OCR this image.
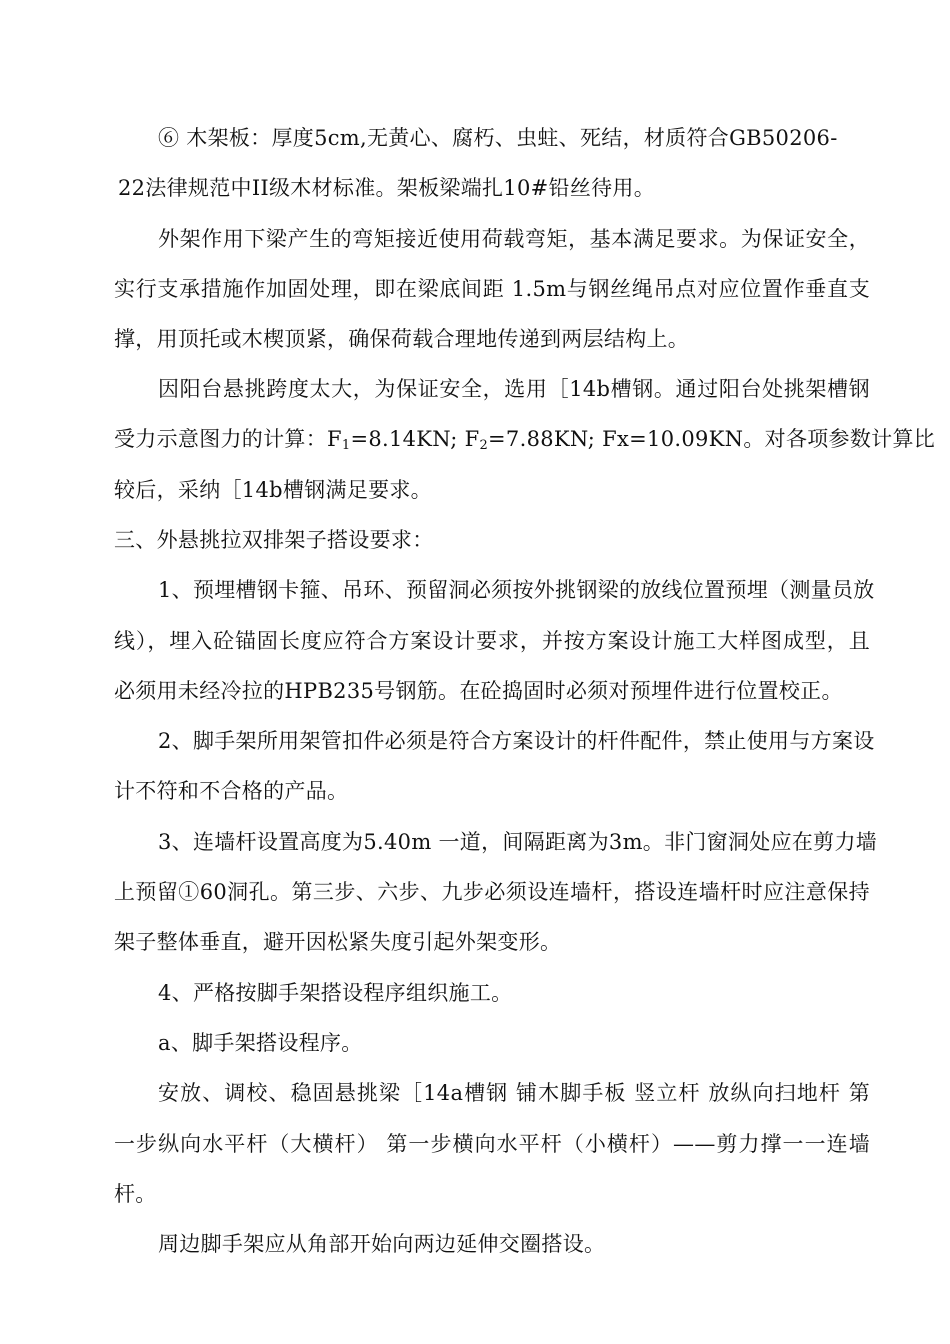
⑥ 木架板：厚度5cm,无黄心、腐朽、虫蛀、死结，材质符合GB50206-
22法律规范中II级木材标准。架板梁端扎10#铅丝待用。
外架作用下梁产生的弯矩接近使用荷载弯矩，基本满足要求。为保证安全，
实行支承措施作加固处理，即在梁底间距 1.5m与钢丝绳吊点对应位置作垂直支
撑，用顶托或木楔顶紧，确保荷载合理地传递到两层结构上。
因阳台悬挑跨度太大，为保证安全，选用［14b槽钢。通过阳台处挑架槽钢
受力示意图力的计算：$F_1=8.14KN$; $F_2=7.88KN$; Fx=10.09KN。对各项参数计算比
较后，采纳［14b槽钢满足要求。
三、外悬挑拉双排架子搭设要求：
1、预埋槽钢卡箍、吊环、预留洞必须按外挑钢梁的放线位置预埋（测量员放
线），埋入砼锚固长度应符合方案设计要求，并按方案设计施工大样图成型，且
必须用未经冷拉的HPB235号钢筋。在砼捣固时必须对预埋件进行位置校正。
2、脚手架所用架管扣件必须是符合方案设计的杆件配件，禁止使用与方案设
计不符和不合格的产品。
3、连墙杆设置高度为5.40m 一道，间隔距离为3m。非门窗洞处应在剪力墙
上预留①60洞孔。第三步、六步、九步必须设连墙杆，搭设连墙杆时应注意保持
架子整体垂直，避开因松紧失度引起外架变形。
4、严格按脚手架搭设程序组织施工。
a、脚手架搭设程序。
安放、调校、稳固悬挑梁［14a槽钢 铺木脚手板 竖立杆 放纵向扫地杆 第
一步纵向水平杆（大横杆） 第一步横向水平杆（小横杆）——剪力撑一一连墙
杆。
周边脚手架应从角部开始向两边延伸交圈搭设。
